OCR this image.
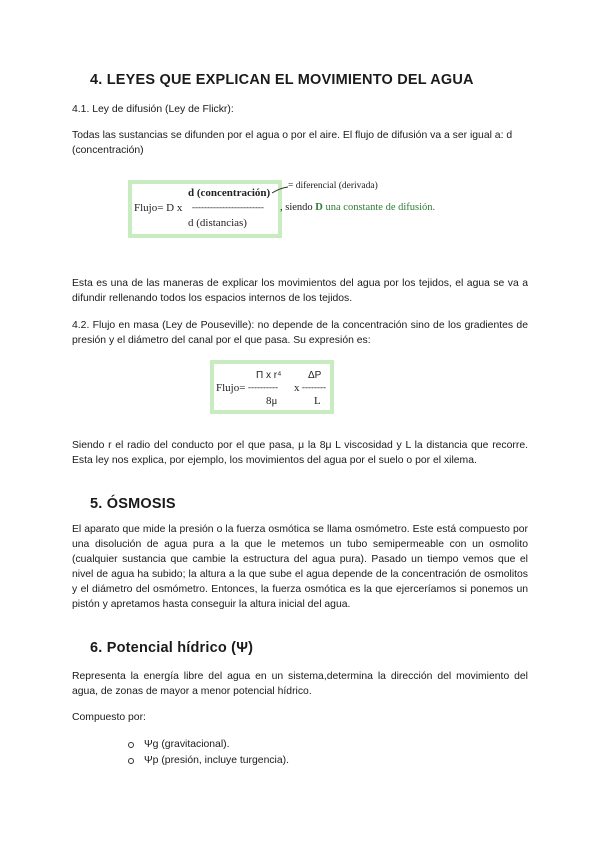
4. LEYES QUE EXPLICAN EL MOVIMIENTO DEL AGUA

4.1. Ley de difusión (Ley de Flickr):

Todas las sustancias se difunden por el agua o por el aire. El flujo de difusión va a ser igual a: d (concentración)

d (concentración)
Flujo= D x ------------------------
d (distancias)
= diferencial (derivada)
, siendo D una constante de difusión.

Esta es una de las maneras de explicar los movimientos del agua por los tejidos, el agua se va a difundir rellenando todos los espacios internos de los tejidos.

4.2. Flujo en masa (Ley de Pouseville): no depende de la concentración sino de los gradientes de presión y el diámetro del canal por el que pasa. Su expresión es:

Π x r⁴	ΔP
Flujo= ---------- x --------
8μ	L

Siendo r el radio del conducto por el que pasa, μ la 8μ L viscosidad y L la distancia que recorre. Esta ley nos explica, por ejemplo, los movimientos del agua por el suelo o por el xilema.

5. ÓSMOSIS

El aparato que mide la presión o la fuerza osmótica se llama osmómetro. Este está compuesto por una disolución de agua pura a la que le metemos un tubo semipermeable con un osmolito (cualquier sustancia que cambie la estructura del agua pura). Pasado un tiempo vemos que el nivel de agua ha subido; la altura a la que sube el agua depende de la concentración de osmolitos y el diámetro del osmómetro. Entonces, la fuerza osmótica es la que ejerceríamos si ponemos un pistón y apretamos hasta conseguir la altura inicial del agua.

6. Potencial hídrico (Ψ)

Representa la energía libre del agua en un sistema,determina la dirección del movimiento del agua, de zonas de mayor a menor potencial hídrico.

Compuesto por:

Ψg (gravitacional).
Ψp (presión, incluye turgencia).
